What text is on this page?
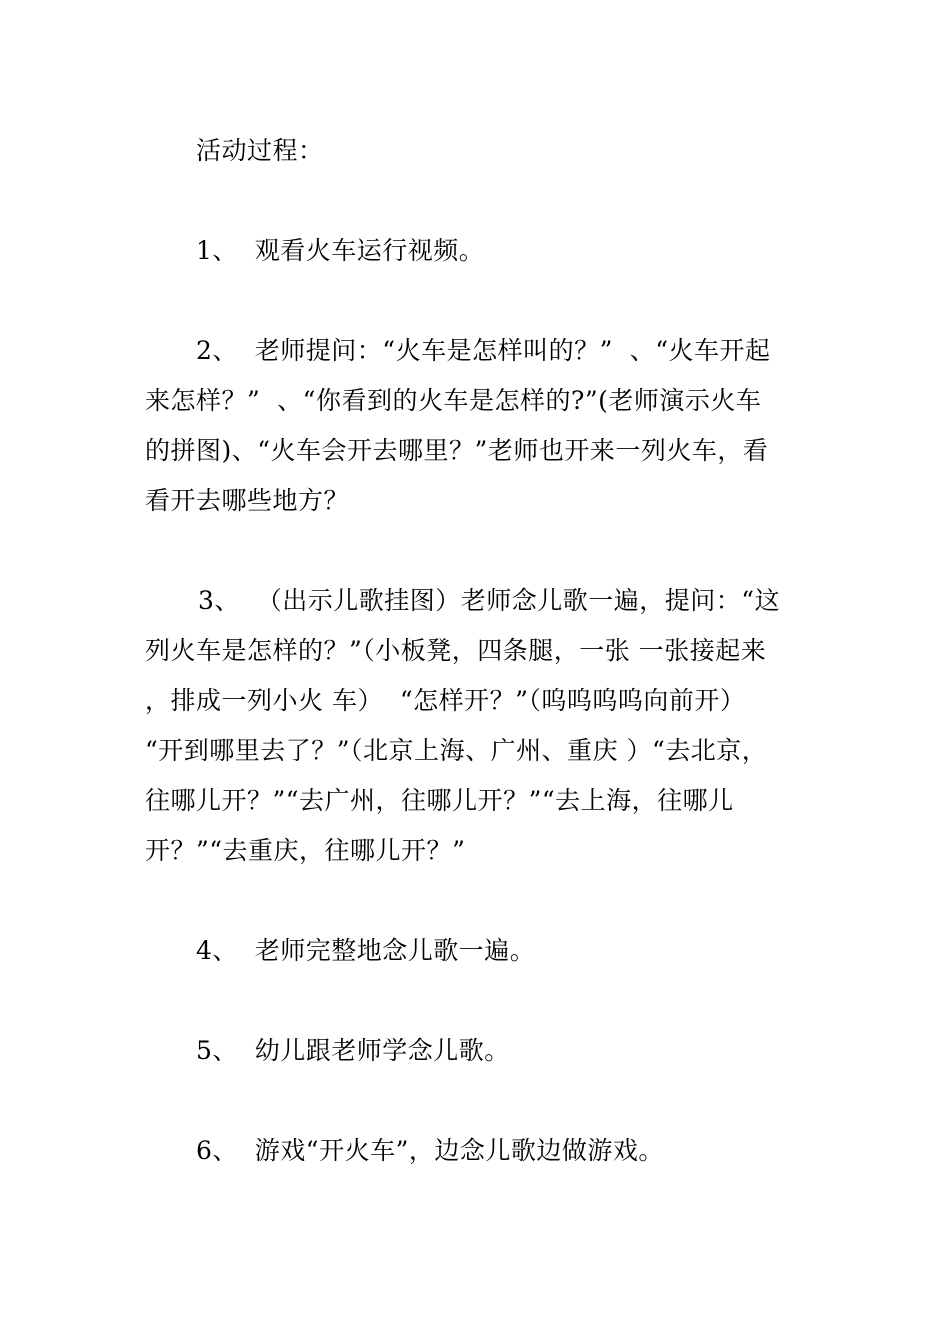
活动过程：
1、  观看火车运行视频。
2、  老师提问：“火车是怎样叫的？”  、“火车开起
来怎样？”  、“你看到的火车是怎样的?”(老师演示火车
的拼图)、“火车会开去哪里？”老师也开来一列火车，看
看开去哪些地方？
3、  （出示儿歌挂图）老师念儿歌一遍，提问：“这
列火车是怎样的？”（小板凳，四条腿，一张 一张接起来
，排成一列小火 车）  “怎样开？”（呜呜呜呜向前开）
“开到哪里去了？”（北京上海、广州、重庆 ）“去北京，
往哪儿开？”“去广州，往哪儿开？”“去上海，往哪儿
开？”“去重庆，往哪儿开？”
4、  老师完整地念儿歌一遍。
5、  幼儿跟老师学念儿歌。
6、  游戏“开火车”，边念儿歌边做游戏。
